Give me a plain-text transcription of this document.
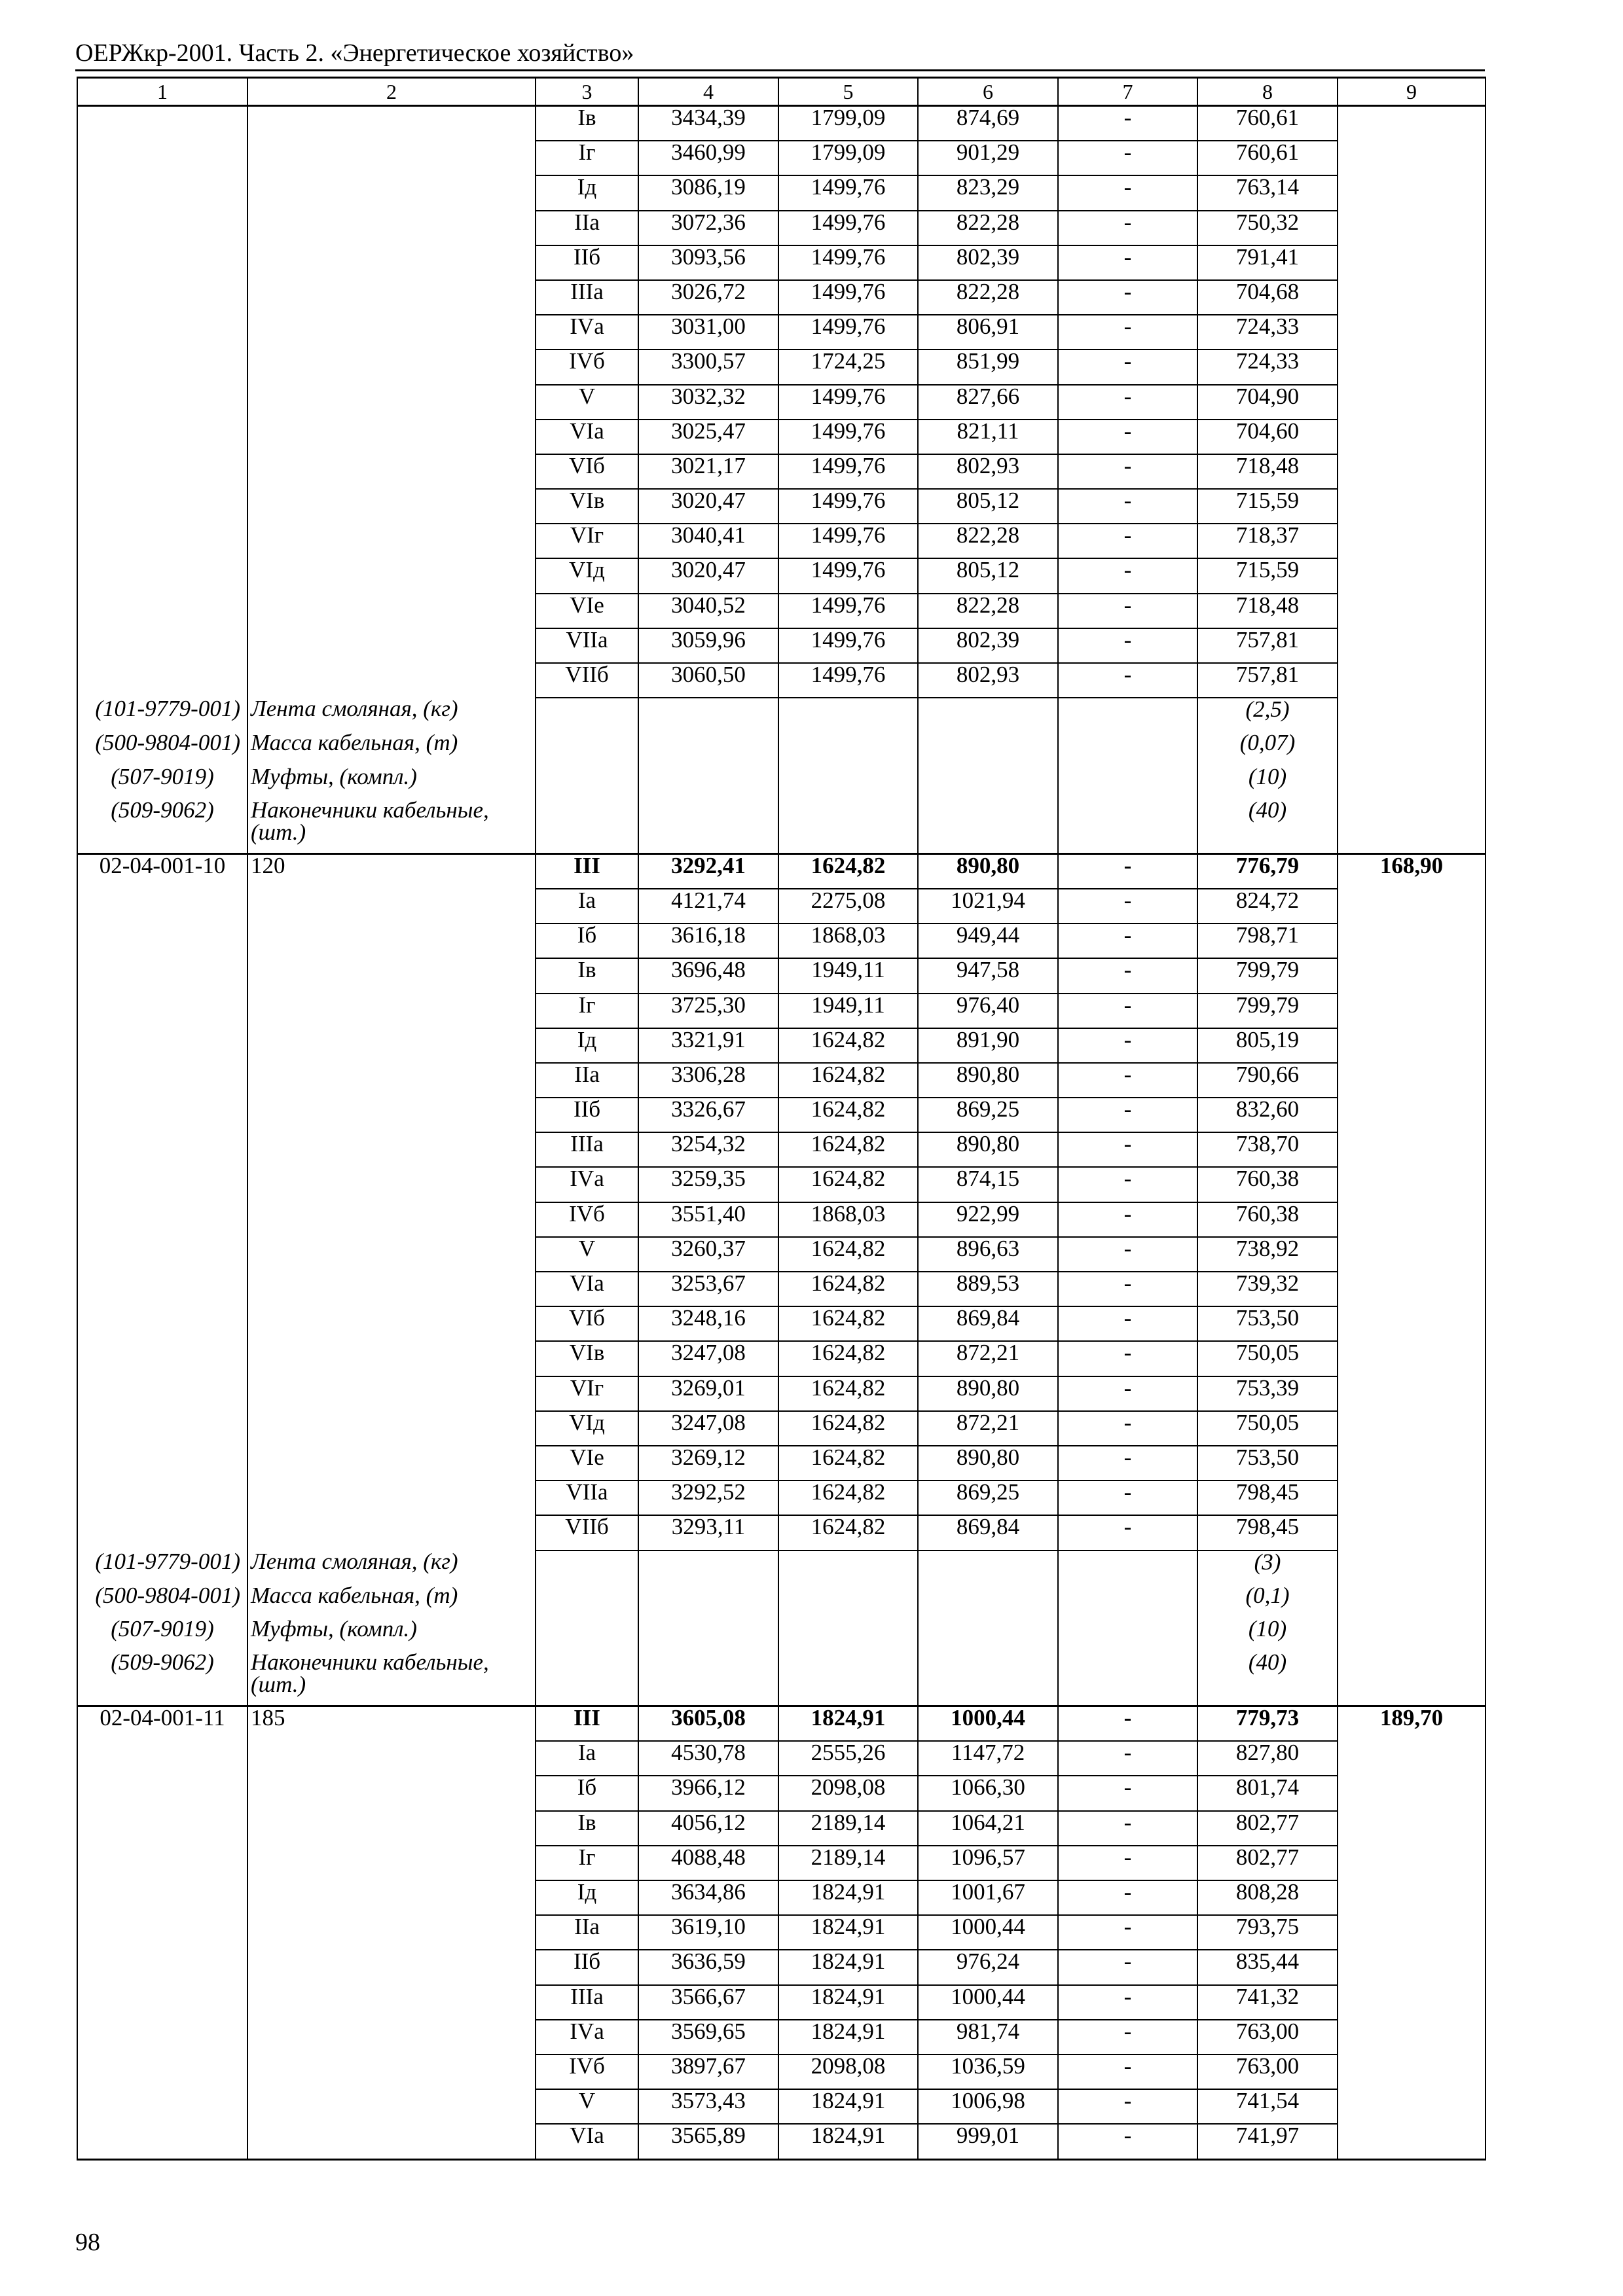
ОЕРЖкр-2001. Часть 2. «Энергетическое хозяйство»
1	2	3	4	5	6	7	8	9
		Iв	3434,39	1799,09	874,69	-	760,61	
		Iг	3460,99	1799,09	901,29	-	760,61	
		Iд	3086,19	1499,76	823,29	-	763,14	
		IIа	3072,36	1499,76	822,28	-	750,32	
		IIб	3093,56	1499,76	802,39	-	791,41	
		IIIа	3026,72	1499,76	822,28	-	704,68	
		IVа	3031,00	1499,76	806,91	-	724,33	
		IVб	3300,57	1724,25	851,99	-	724,33	
		V	3032,32	1499,76	827,66	-	704,90	
		VIа	3025,47	1499,76	821,11	-	704,60	
		VIб	3021,17	1499,76	802,93	-	718,48	
		VIв	3020,47	1499,76	805,12	-	715,59	
		VIг	3040,41	1499,76	822,28	-	718,37	
		VIд	3020,47	1499,76	805,12	-	715,59	
		VIе	3040,52	1499,76	822,28	-	718,48	
		VIIа	3059,96	1499,76	802,39	-	757,81	
		VIIб	3060,50	1499,76	802,93	-	757,81	
(101-9779-001)	Лента смоляная, (кг)						(2,5)	
(500-9804-001)	Масса кабельная, (т)						(0,07)	
(507-9019)	Муфты, (компл.)						(10)	
(509-9062)	Наконечники кабельные, (шт.)						(40)	
02-04-001-10	120	III	3292,41	1624,82	890,80	-	776,79	168,90
		Iа	4121,74	2275,08	1021,94	-	824,72	
		Iб	3616,18	1868,03	949,44	-	798,71	
		Iв	3696,48	1949,11	947,58	-	799,79	
		Iг	3725,30	1949,11	976,40	-	799,79	
		Iд	3321,91	1624,82	891,90	-	805,19	
		IIа	3306,28	1624,82	890,80	-	790,66	
		IIб	3326,67	1624,82	869,25	-	832,60	
		IIIа	3254,32	1624,82	890,80	-	738,70	
		IVа	3259,35	1624,82	874,15	-	760,38	
		IVб	3551,40	1868,03	922,99	-	760,38	
		V	3260,37	1624,82	896,63	-	738,92	
		VIа	3253,67	1624,82	889,53	-	739,32	
		VIб	3248,16	1624,82	869,84	-	753,50	
		VIв	3247,08	1624,82	872,21	-	750,05	
		VIг	3269,01	1624,82	890,80	-	753,39	
		VIд	3247,08	1624,82	872,21	-	750,05	
		VIе	3269,12	1624,82	890,80	-	753,50	
		VIIа	3292,52	1624,82	869,25	-	798,45	
		VIIб	3293,11	1624,82	869,84	-	798,45	
(101-9779-001)	Лента смоляная, (кг)						(3)	
(500-9804-001)	Масса кабельная, (т)						(0,1)	
(507-9019)	Муфты, (компл.)						(10)	
(509-9062)	Наконечники кабельные, (шт.)						(40)	
02-04-001-11	185	III	3605,08	1824,91	1000,44	-	779,73	189,70
		Iа	4530,78	2555,26	1147,72	-	827,80	
		Iб	3966,12	2098,08	1066,30	-	801,74	
		Iв	4056,12	2189,14	1064,21	-	802,77	
		Iг	4088,48	2189,14	1096,57	-	802,77	
		Iд	3634,86	1824,91	1001,67	-	808,28	
		IIа	3619,10	1824,91	1000,44	-	793,75	
		IIб	3636,59	1824,91	976,24	-	835,44	
		IIIа	3566,67	1824,91	1000,44	-	741,32	
		IVа	3569,65	1824,91	981,74	-	763,00	
		IVб	3897,67	2098,08	1036,59	-	763,00	
		V	3573,43	1824,91	1006,98	-	741,54	
		VIа	3565,89	1824,91	999,01	-	741,97	
98
